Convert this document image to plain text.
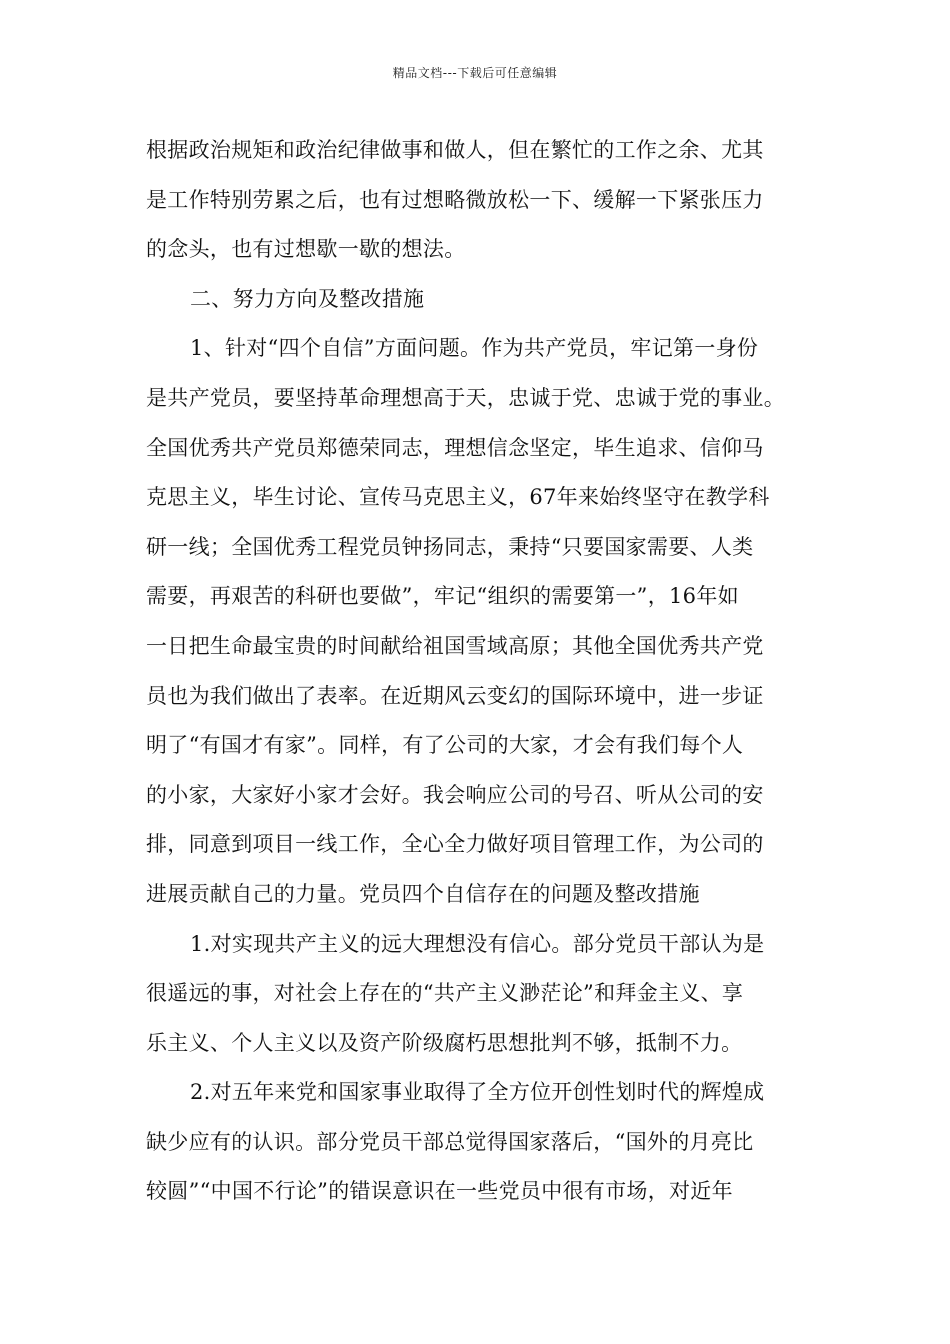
精品文档---下载后可任意编辑
根据政治规矩和政治纪律做事和做人，但在繁忙的工作之余、尤其
是工作特别劳累之后，也有过想略微放松一下、缓解一下紧张压力
的念头，也有过想歇一歇的想法。
二、努力方向及整改措施
1、针对“四个自信”方面问题。作为共产党员，牢记第一身份
是共产党员，要坚持革命理想高于天，忠诚于党、忠诚于党的事业。
全国优秀共产党员郑德荣同志，理想信念坚定，毕生追求、信仰马
克思主义，毕生讨论、宣传马克思主义，67年来始终坚守在教学科
研一线；全国优秀工程党员钟扬同志，秉持“只要国家需要、人类
需要，再艰苦的科研也要做”，牢记“组织的需要第一”，16年如
一日把生命最宝贵的时间献给祖国雪域高原；其他全国优秀共产党
员也为我们做出了表率。在近期风云变幻的国际环境中，进一步证
明了“有国才有家”。同样，有了公司的大家，才会有我们每个人
的小家，大家好小家才会好。我会响应公司的号召、听从公司的安
排，同意到项目一线工作，全心全力做好项目管理工作，为公司的
进展贡献自己的力量。党员四个自信存在的问题及整改措施
1.对实现共产主义的远大理想没有信心。部分党员干部认为是
很遥远的事，对社会上存在的“共产主义渺茫论”和拜金主义、享
乐主义、个人主义以及资产阶级腐朽思想批判不够，抵制不力。
2.对五年来党和国家事业取得了全方位开创性划时代的辉煌成
缺少应有的认识。部分党员干部总觉得国家落后，“国外的月亮比
较圆”“中国不行论”的错误意识在一些党员中很有市场，对近年
